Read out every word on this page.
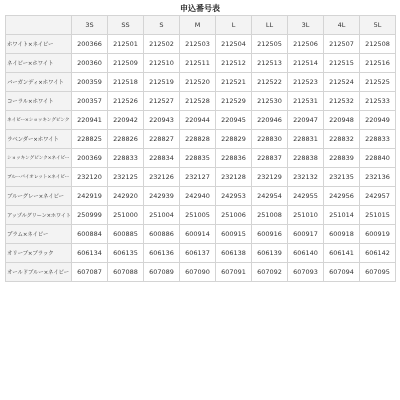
申込番号表
	3S	SS	S	M	L	LL	3L	4L	5L
ホワイト×ネイビー	200366	212501	212502	212503	212504	212505	212506	212507	212508
ネイビー×ホワイト	200360	212509	212510	212511	212512	212513	212514	212515	212516
バーガンディ×ホワイト	200359	212518	212519	212520	212521	212522	212523	212524	212525
コーラル×ホワイト	200357	212526	212527	212528	212529	212530	212531	212532	212533
ネイビー×ショッキングピンク	220941	220942	220943	220944	220945	220946	220947	220948	220949
ラベンダー×ホワイト	228825	228826	228827	228828	228829	228830	228831	228832	228833
ショッキングピンク×ネイビー	200369	228833	228834	228835	228836	228837	228838	228839	228840
ブルーバイオレット×ネイビー	232120	232125	232126	232127	232128	232129	232132	232135	232136
ブルーグレー×ネイビー	242919	242920	242939	242940	242953	242954	242955	242956	242957
アップルグリーン×ホワイト	250999	251000	251004	251005	251006	251008	251010	251014	251015
プラム×ネイビー	600884	600885	600886	600914	600915	600916	600917	600918	600919
オリーブ×ブラック	606134	606135	606136	606137	606138	606139	606140	606141	606142
オールドブルー×ネイビー	607087	607088	607089	607090	607091	607092	607093	607094	607095
